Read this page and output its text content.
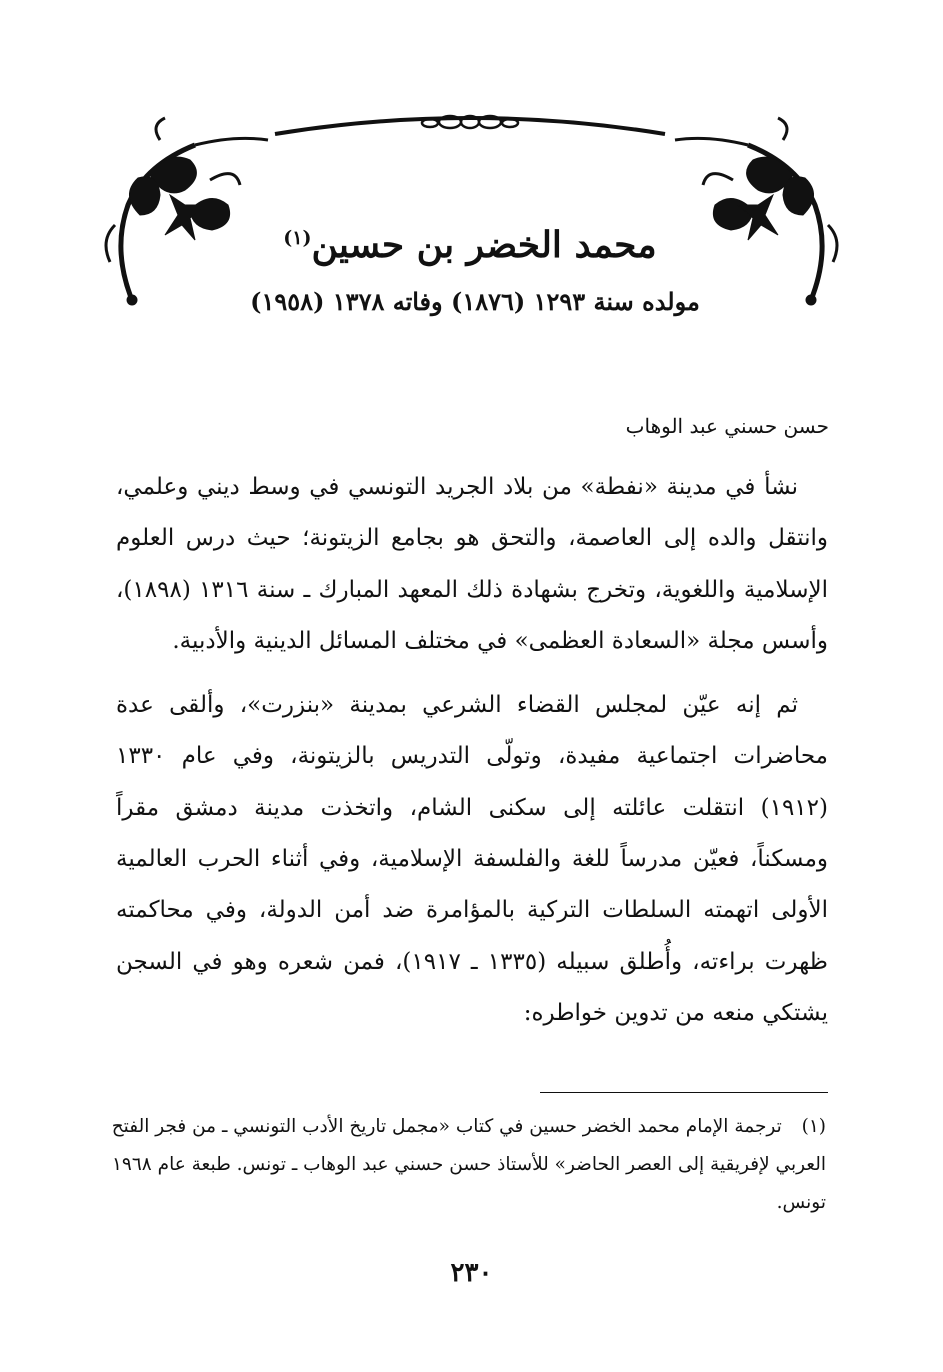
محمد الخضر بن حسين$^{(١)}$
مولده سنة ١٢٩٣ (١٨٧٦) وفاته ١٣٧٨ (١٩٥٨)
حسن حسني عبد الوهاب

نشأ في مدينة «نفطة» من بلاد الجريد التونسي في وسط ديني وعلمي، وانتقل والده إلى العاصمة، والتحق هو بجامع الزيتونة؛ حيث درس العلوم الإسلامية واللغوية، وتخرج بشهادة ذلك المعهد المبارك ـ سنة ١٣١٦ (١٨٩٨)، وأسس مجلة «السعادة العظمى» في مختلف المسائل الدينية والأدبية.

ثم إنه عيّن لمجلس القضاء الشرعي بمدينة «بنزرت»، وألقى عدة محاضرات اجتماعية مفيدة، وتولّى التدريس بالزيتونة، وفي عام ١٣٣٠ (١٩١٢) انتقلت عائلته إلى سكنى الشام، واتخذت مدينة دمشق مقراً ومسكناً، فعيّن مدرساً للغة والفلسفة الإسلامية، وفي أثناء الحرب العالمية الأولى اتهمته السلطات التركية بالمؤامرة ضد أمن الدولة، وفي محاكمته ظهرت براءته، وأُطلق سبيله (١٣٣٥ ـ ١٩١٧)، فمن شعره وهو في السجن يشتكي منعه من تدوين خواطره:

(١) ترجمة الإمام محمد الخضر حسين في كتاب «مجمل تاريخ الأدب التونسي ـ من فجر الفتح العربي لإفريقية إلى العصر الحاضر» للأستاذ حسن حسني عبد الوهاب ـ تونس. طبعة عام ١٩٦٨ تونس.
٢٣٠
